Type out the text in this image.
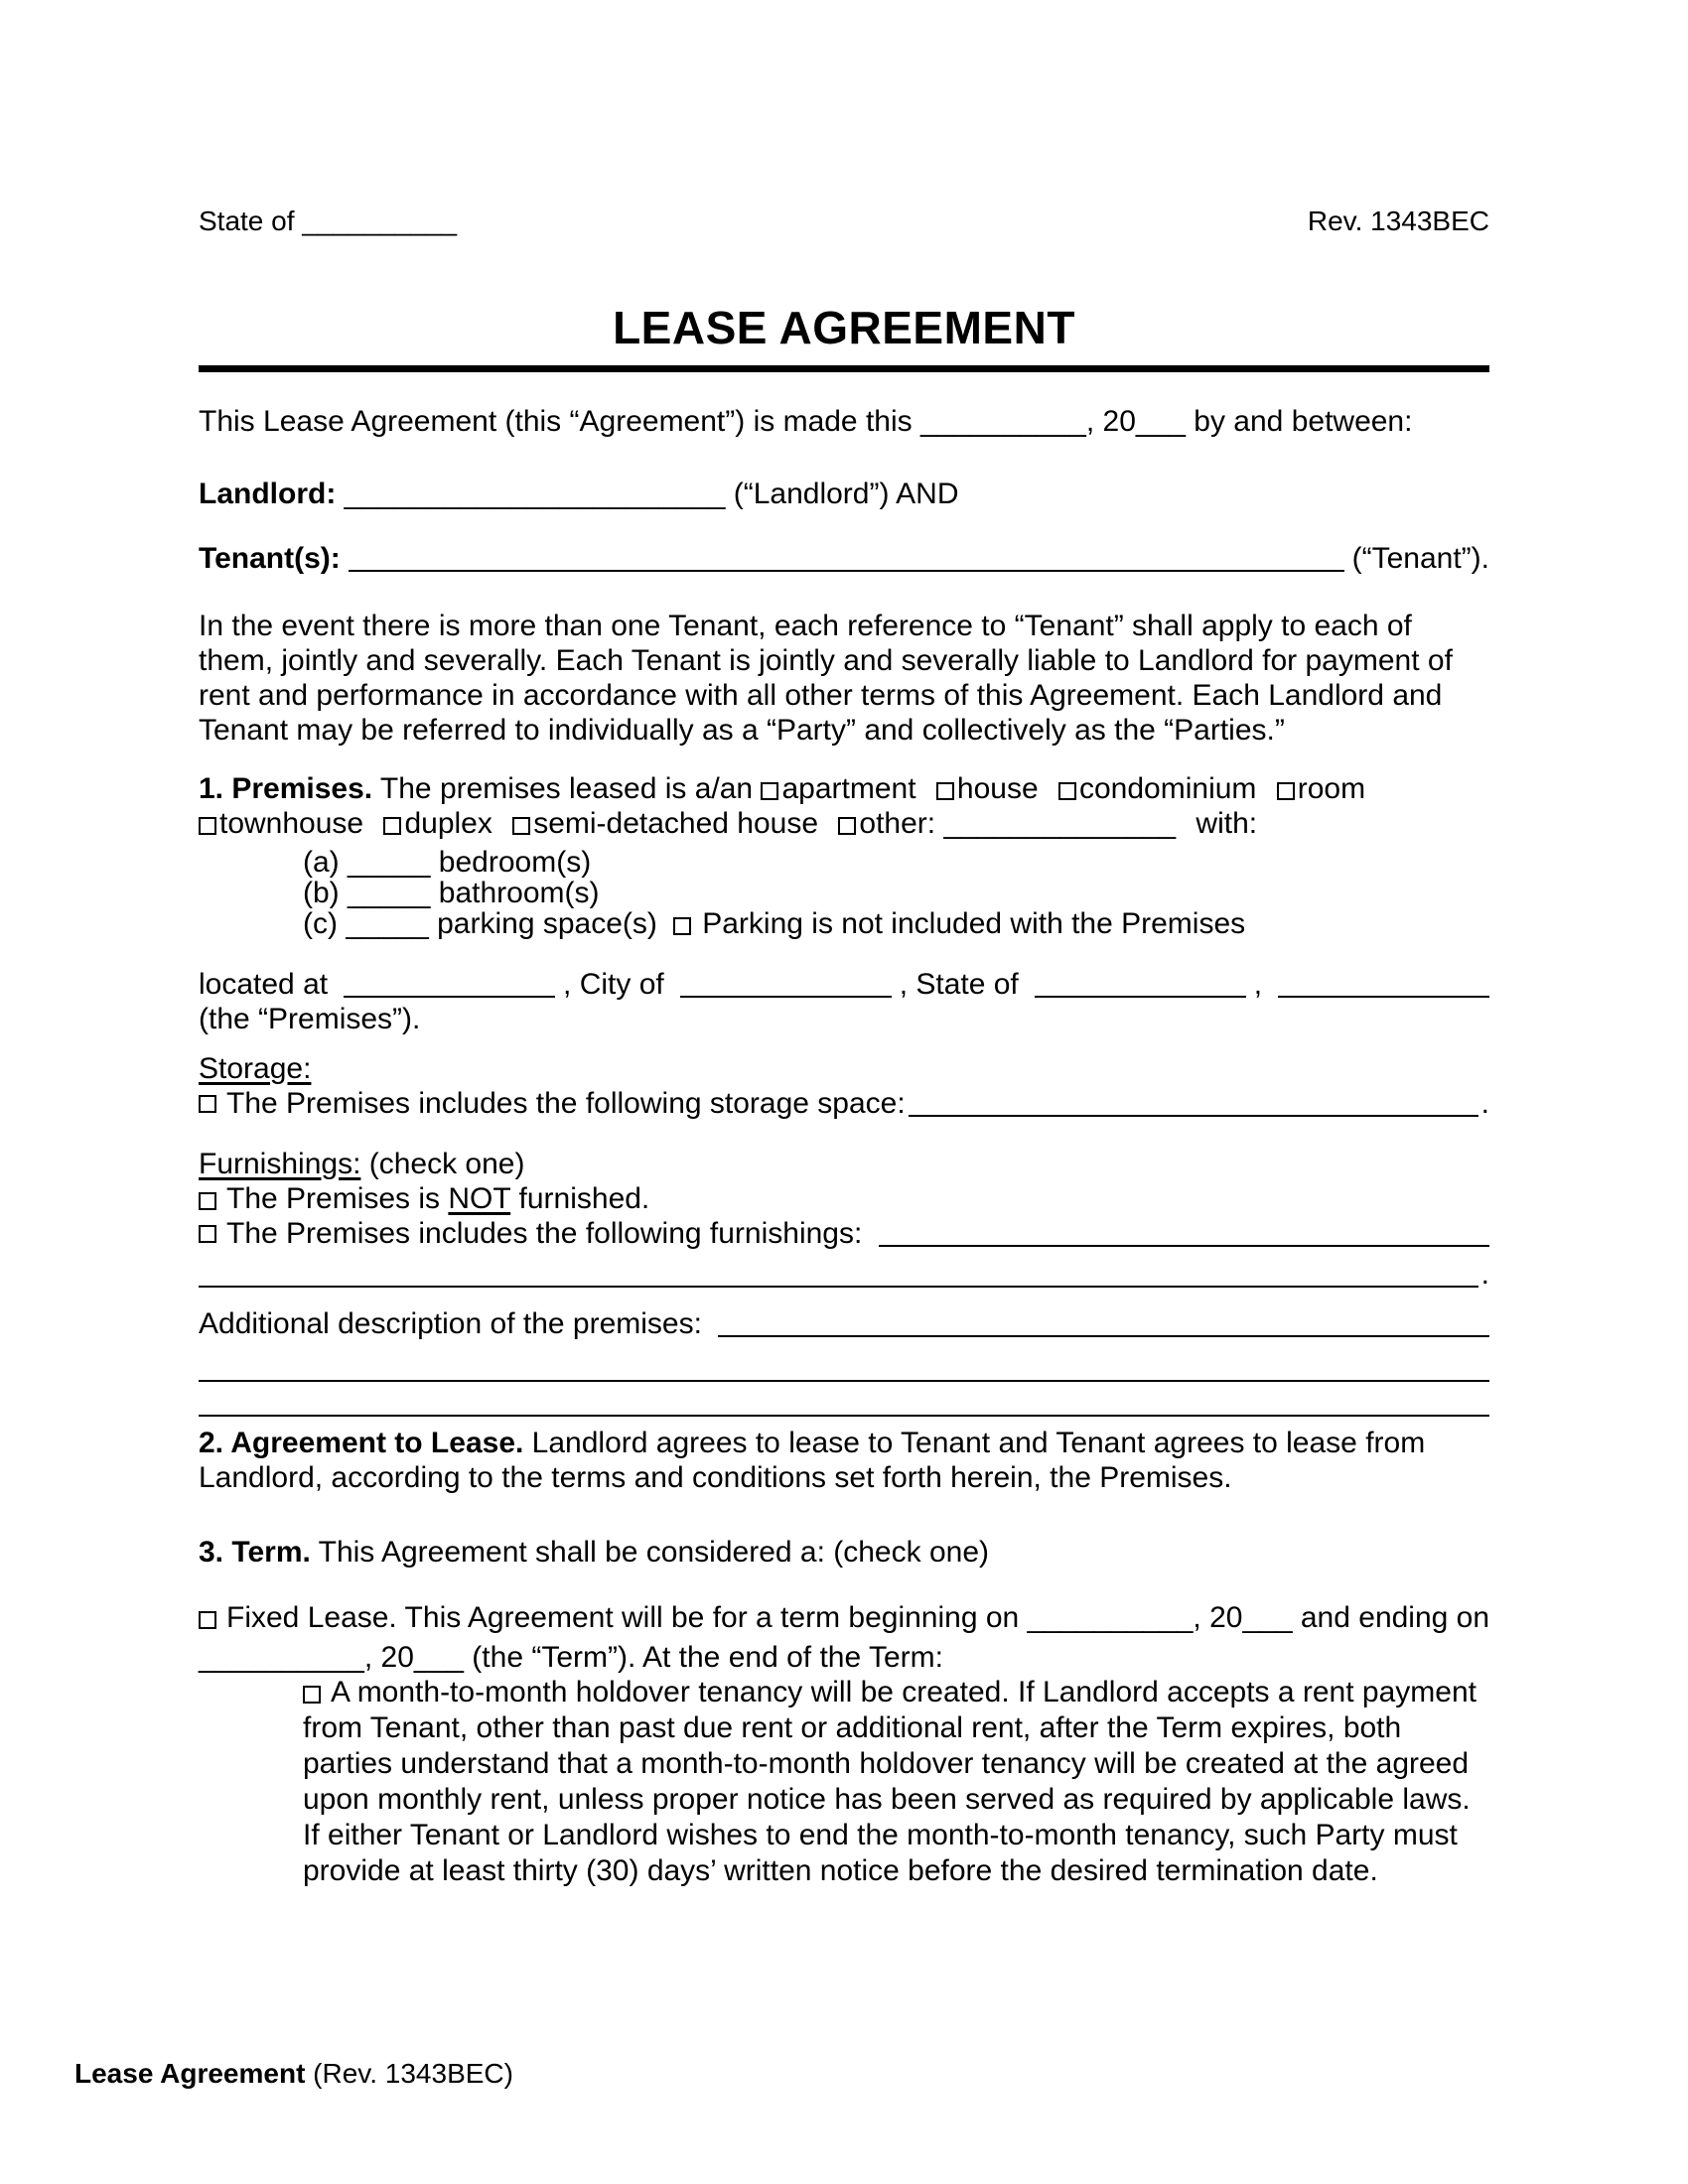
State of __________	Rev. 1343BEC
LEASE AGREEMENT

This Lease Agreement (this “Agreement”) is made this __________, 20___ by and between:

Landlord: _______________________ (“Landlord”) AND

Tenant(s):	(“Tenant”).

In the event there is more than one Tenant, each reference to “Tenant” shall apply to each of them, jointly and severally. Each Tenant is jointly and severally liable to Landlord for payment of rent and performance in accordance with all other terms of this Agreement. Each Landlord and Tenant may be referred to individually as a “Party” and collectively as the “Parties.”

1. Premises. The premises leased is a/an apartment house condominium room townhouse duplex semi-detached house other: ______________ with:

(a) _____ bedroom(s)

(b) _____ bathroom(s)

(c) _____ parking space(s) Parking is not included with the Premises

located at	, City of	, State of	,

(the “Premises”).

Storage:

The Premises includes the following storage space:	.

Furnishings: (check one)

The Premises is NOT furnished.

The Premises includes the following furnishings:
.
Additional description of the premises:

2. Agreement to Lease. Landlord agrees to lease to Tenant and Tenant agrees to lease from Landlord, according to the terms and conditions set forth herein, the Premises.

3. Term. This Agreement shall be considered a: (check one)

Fixed Lease. This Agreement will be for a term beginning on __________, 20___ and ending on

__________, 20___ (the “Term”). At the end of the Term:

A month-to-month holdover tenancy will be created. If Landlord accepts a rent payment from Tenant, other than past due rent or additional rent, after the Term expires, both parties understand that a month-to-month holdover tenancy will be created at the agreed upon monthly rent, unless proper notice has been served as required by applicable laws. If either Tenant or Landlord wishes to end the month-to-month tenancy, such Party must provide at least thirty (30) days’ written notice before the desired termination date.

Lease Agreement (Rev. 1343BEC)
